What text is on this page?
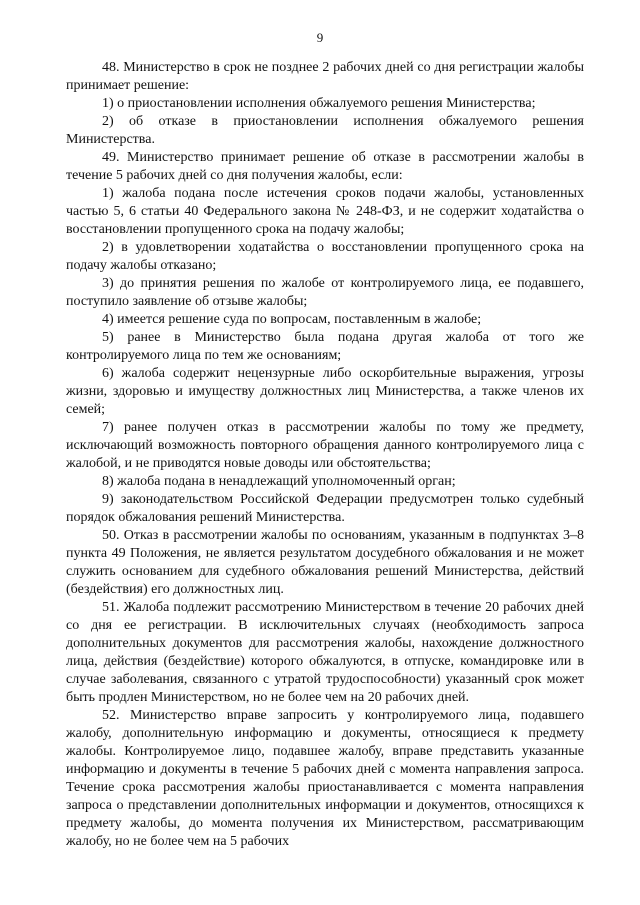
9

48. Министерство в срок не позднее 2 рабочих дней со дня регистрации жалобы принимает решение:

1) о приостановлении исполнения обжалуемого решения Министерства;

2) об отказе в приостановлении исполнения обжалуемого решения Министерства.

49. Министерство принимает решение об отказе в рассмотрении жалобы в течение 5 рабочих дней со дня получения жалобы, если:

1) жалоба подана после истечения сроков подачи жалобы, установленных частью 5, 6 статьи 40 Федерального закона № 248-ФЗ, и не содержит ходатайства о восстановлении пропущенного срока на подачу жалобы;

2) в удовлетворении ходатайства о восстановлении пропущенного срока на подачу жалобы отказано;

3) до принятия решения по жалобе от контролируемого лица, ее подавшего, поступило заявление об отзыве жалобы;

4) имеется решение суда по вопросам, поставленным в жалобе;

5) ранее в Министерство была подана другая жалоба от того же контролируемого лица по тем же основаниям;

6) жалоба содержит нецензурные либо оскорбительные выражения, угрозы жизни, здоровью и имуществу должностных лиц Министерства, а также членов их семей;

7) ранее получен отказ в рассмотрении жалобы по тому же предмету, исключающий возможность повторного обращения данного контролируемого лица с жалобой, и не приводятся новые доводы или обстоятельства;

8) жалоба подана в ненадлежащий уполномоченный орган;

9) законодательством Российской Федерации предусмотрен только судебный порядок обжалования решений Министерства.

50. Отказ в рассмотрении жалобы по основаниям, указанным в подпунктах 3–8 пункта 49 Положения, не является результатом досудебного обжалования и не может служить основанием для судебного обжалования решений Министерства, действий (бездействия) его должностных лиц.

51. Жалоба подлежит рассмотрению Министерством в течение 20 рабочих дней со дня ее регистрации. В исключительных случаях (необходимость запроса дополнительных документов для рассмотрения жалобы, нахождение должностного лица, действия (бездействие) которого обжалуются, в отпуске, командировке или в случае заболевания, связанного с утратой трудоспособности) указанный срок может быть продлен Министерством, но не более чем на 20 рабочих дней.

52. Министерство вправе запросить у контролируемого лица, подавшего жалобу, дополнительную информацию и документы, относящиеся к предмету жалобы. Контролируемое лицо, подавшее жалобу, вправе представить указанные информацию и документы в течение 5 рабочих дней с момента направления запроса. Течение срока рассмотрения жалобы приостанавливается с момента направления запроса о представлении дополнительных информации и документов, относящихся к предмету жалобы, до момента получения их Министерством, рассматривающим жалобу, но не более чем на 5 рабочих
